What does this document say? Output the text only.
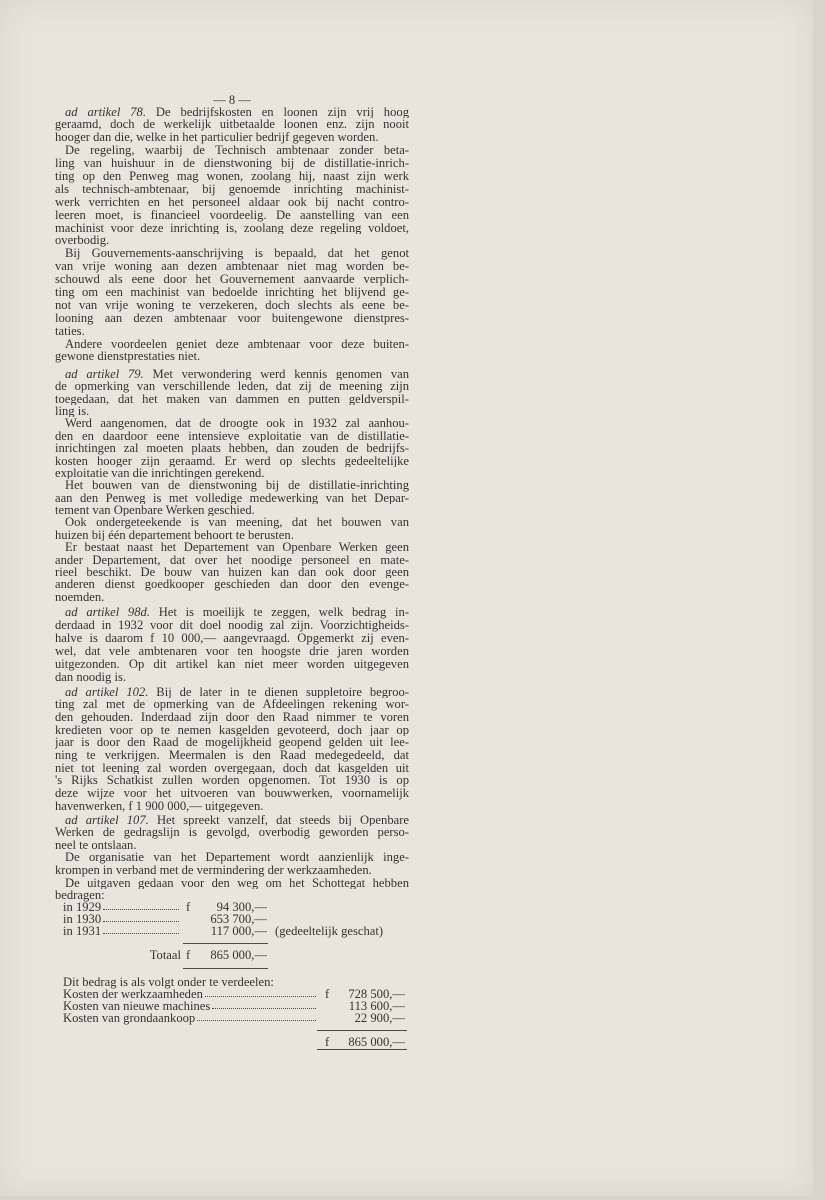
— 8 —
ad artikel 78. De bedrijfskosten en loonen zijn vrij hoog
geraamd, doch de werkelijk uitbetaalde loonen enz. zijn nooit
hooger dan die, welke in het particulier bedrijf gegeven worden.
De regeling, waarbij de Technisch ambtenaar zonder beta-
ling van huishuur in de dienstwoning bij de distillatie-inrich-
ting op den Penweg mag wonen, zoolang hij, naast zijn werk
als technisch-ambtenaar, bij genoemde inrichting machinist-
werk verrichten en het personeel aldaar ook bij nacht contro-
leeren moet, is financieel voordeelig. De aanstelling van een
machinist voor deze inrichting is, zoolang deze regeling voldoet,
overbodig.
Bij Gouvernements-aanschrijving is bepaald, dat het genot
van vrije woning aan dezen ambtenaar niet mag worden be-
schouwd als eene door het Gouvernement aanvaarde verplich-
ting om een machinist van bedoelde inrichting het blijvend ge-
not van vrije woning te verzekeren, doch slechts als eene be-
looning aan dezen ambtenaar voor buitengewone dienstpres-
taties.
Andere voordeelen geniet deze ambtenaar voor deze buiten-
gewone dienstprestaties niet.
ad artikel 79. Met verwondering werd kennis genomen van
de opmerking van verschillende leden, dat zij de meening zijn
toegedaan, dat het maken van dammen en putten geldverspil-
ling is.
Werd aangenomen, dat de droogte ook in 1932 zal aanhou-
den en daardoor eene intensieve exploitatie van de distillatie-
inrichtingen zal moeten plaats hebben, dan zouden de bedrijfs-
kosten hooger zijn geraamd. Er werd op slechts gedeeltelijke
exploitatie van die inrichtingen gerekend.
Het bouwen van de dienstwoning bij de distillatie-inrichting
aan den Penweg is met volledige medewerking van het Depar-
tement van Openbare Werken geschied.
Ook ondergeteekende is van meening, dat het bouwen van
huizen bij één departement behoort te berusten.
Er bestaat naast het Departement van Openbare Werken geen
ander Departement, dat over het noodige personeel en mate-
rieel beschikt. De bouw van huizen kan dan ook door geen
anderen dienst goedkooper geschieden dan door den evenge-
noemden.
ad artikel 98d. Het is moeilijk te zeggen, welk bedrag in-
derdaad in 1932 voor dit doel noodig zal zijn. Voorzichtigheids-
halve is daarom f 10 000,— aangevraagd. Opgemerkt zij even-
wel, dat vele ambtenaren voor ten hoogste drie jaren worden
uitgezonden. Op dit artikel kan niet meer worden uitgegeven
dan noodig is.
ad artikel 102. Bij de later in te dienen suppletoire begroo-
ting zal met de opmerking van de Afdeelingen rekening wor-
den gehouden. Inderdaad zijn door den Raad nimmer te voren
kredieten voor op te nemen kasgelden gevoteerd, doch jaar op
jaar is door den Raad de mogelijkheid geopend gelden uit lee-
ning te verkrijgen. Meermalen is den Raad medegedeeld, dat
niet tot leening zal worden overgegaan, doch dat kasgelden uit
's Rijks Schatkist zullen worden opgenomen. Tot 1930 is op
deze wijze voor het uitvoeren van bouwwerken, voornamelijk
havenwerken, f 1 900 000,— uitgegeven.
ad artikel 107. Het spreekt vanzelf, dat steeds bij Openbare
Werken de gedragslijn is gevolgd, overbodig geworden perso-
neel te ontslaan.
De organisatie van het Departement wordt aanzienlijk inge-
krompen in verband met de vermindering der werkzaamheden.
De uitgaven gedaan voor den weg om het Schottegat hebben
bedragen:
in 1929	f	94 300,—
in 1930	653 700,—
in 1931	117 000,— (gedeeltelijk geschat)
Totaal f	865 000,—
Dit bedrag is als volgt onder te verdeelen:
Kosten der werkzaamheden	f	728 500,—
Kosten van nieuwe machines	113 600,—
Kosten van grondaankoop	22 900,—
f	865 000,—
